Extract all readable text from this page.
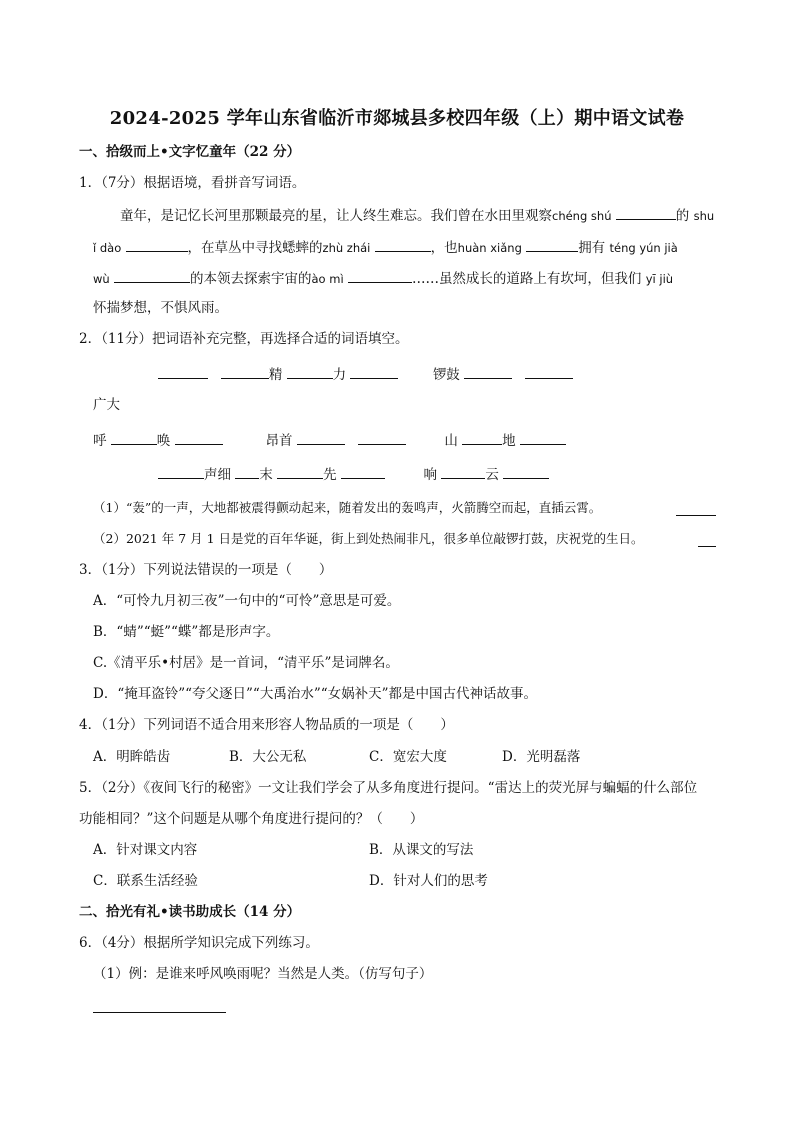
2024-2025 学年山东省临沂市郯城县多校四年级（上）期中语文试卷
一、拾级而上•文字忆童年（22 分）
1．（7分）根据语境，看拼音写词语。
童年，是记忆长河里那颗最亮的星，让人终生难忘。我们曾在水田里观察chéng shú	的 shu
ǐ dào	，在草丛中寻找蟋蟀的zhù zhái	，也huàn xiǎng	拥有 téng yún jià
wù	的本领去探索宇宙的ào mì	……虽然成长的道路上有坎坷，但我们 yī jiù
怀揣梦想，不惧风雨。
2．（11分）把词语补充完整，再选择合适的词语填空。
精	力	锣鼓
广大
呼	唤	昂首	山	地
声细 末	先	响	云
（1）“轰”的一声，大地都被震得颤动起来，随着发出的轰鸣声，火箭腾空而起，直插云霄。
（2）2021 年 7 月 1 日是党的百年华诞，街上到处热闹非凡，很多单位敲锣打鼓，庆祝党的生日。
3．（1分）下列说法错误的一项是（　　）
A．“可怜九月初三夜”一句中的“可怜”意思是可爱。
B．“蜻”“蜓”“蝶”都是形声字。
C.《清平乐•村居》是一首词，“清平乐”是词牌名。
D．“掩耳盗铃”“夸父逐日”“大禹治水”“女娲补天”都是中国古代神话故事。
4．（1分）下列词语不适合用来形容人物品质的一项是（　　）
A．明眸皓齿	B．大公无私	C．宽宏大度	D．光明磊落
5．（2分）《夜间飞行的秘密》一文让我们学会了从多角度进行提问。“雷达上的荧光屏与蝙蝠的什么部位
功能相同？”这个问题是从哪个角度进行提问的？（　　）
A．针对课文内容	B．从课文的写法
C．联系生活经验	D．针对人们的思考
二、拾光有礼•读书助成长（14 分）
6．（4分）根据所学知识完成下列练习。
（1）例：是谁来呼风唤雨呢？当然是人类。（仿写句子）
